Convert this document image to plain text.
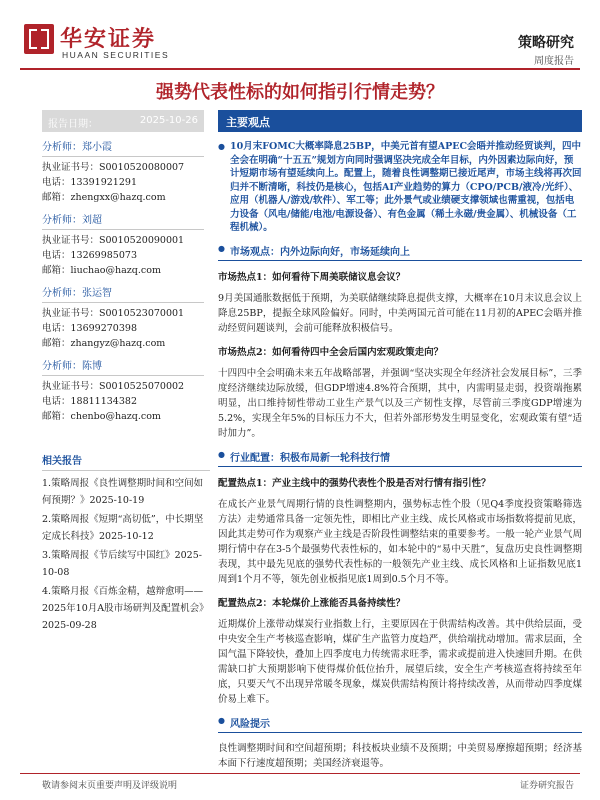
华安证券
HUAAN SECURITIES
策略研究
周度报告
强势代表性标的如何指引行情走势？
报告日期：	2025-10-26
分析师：郑小霞
执业证书号：S0010520080007
电话：13391921291
邮箱：zhengxx@hazq.com
分析师：刘超
执业证书号：S0010520090001
电话：13269985073
邮箱：liuchao@hazq.com
分析师：张运智
执业证书号：S0010523070001
电话：13699270398
邮箱：zhangyz@hazq.com
分析师：陈博
执业证书号：S0010525070002
电话：18811134382
邮箱：chenbo@hazq.com
相关报告
1.策略周报《良性调整期时间和空间如何预期？》2025-10-19
2.策略周报《短期“高切低”，中长期坚定成长科技》2025-10-12
3.策略周报《节后续写中国红》2025-10-08
4.策略月报《百炼金精，越辩愈明——2025年10月A股市场研判及配置机会》2025-09-28
主要观点
● 10月末FOMC大概率降息25BP，中美元首有望APEC会晤并推动经贸谈判，四中全会在明确“十五五”规划方向同时强调坚决完成全年目标，内外因素边际向好，预计短期市场有望延续向上。配置上，随着良性调整期已接近尾声，市场主线将再次回归并不断清晰，科技仍是核心，包括AI产业趋势的算力（CPO/PCB/液冷/光纤）、应用（机器人/游戏/软件）、军工等；此外景气或业绩硬支撑领域也需重视，包括电力设备（风电/储能/电池/电源设备）、有色金属（稀土永磁/贵金属）、机械设备（工程机械）。
● 市场观点：内外边际向好，市场延续向上
市场热点1：如何看待下周美联储议息会议？
9月美国通胀数据低于预期，为美联储继续降息提供支撑，大概率在10月末议息会议上降息25BP，提振全球风险偏好。同时，中美两国元首可能在11月初的APEC会晤并推动经贸问题谈判，会前可能释放积极信号。
市场热点2：如何看待四中全会后国内宏观政策走向？
十四四中全会明确未来五年战略部署，并强调“坚决实现全年经济社会发展目标”，三季度经济继续边际放缓，但GDP增速4.8%符合预期，其中，内需明显走弱，投资端拖累明显，出口维持韧性带动工业生产景气以及三产韧性支撑，尽管前三季度GDP增速为5.2%，实现全年5%的目标压力不大，但若外部形势发生明显变化，宏观政策有望“适时加力”。
● 行业配置：积极布局新一轮科技行情
配置热点1：产业主线中的强势代表性个股是否对行情有指引性？
在成长产业景气周期行情的良性调整期内，强势标志性个股（见Q4季度投资策略筛选方法）走势通常具备一定领先性，即相比产业主线、成长风格或市场指数将提前见底，因此其走势可作为观察产业主线是否阶段性调整结束的重要参考。一般一轮产业景气周期行情中存在3-5个最强势代表性标的，如本轮中的“易中天胜”，复盘历史良性调整期表现，其中最先见底的强势代表性标的一般领先产业主线、成长风格和上证指数见底1周到1个月不等，领先创业板指见底1周到0.5个月不等。
配置热点2：本轮煤价上涨能否具备持续性？
近期煤价上涨带动煤炭行业指数上行，主要原因在于供需结构改善。其中供给层面，受中央安全生产考核巡查影响，煤矿生产监管力度趋严，供给端扰动增加。需求层面，全国气温下降较快，叠加上四季度电力传统需求旺季，需求或提前进入快速回升期。在供需缺口扩大预期影响下使得煤价低位抬升，展望后续，安全生产考核巡查将持续至年底，只要天气不出现异常暖冬现象，煤炭供需结构预计将持续改善，从而带动四季度煤价易上难下。
● 风险提示
良性调整期时间和空间超预期；科技板块业绩不及预期；中美贸易摩擦超预期；经济基本面下行速度超预期；美国经济衰退等。
敬请参阅末页重要声明及评级说明	证券研究报告
